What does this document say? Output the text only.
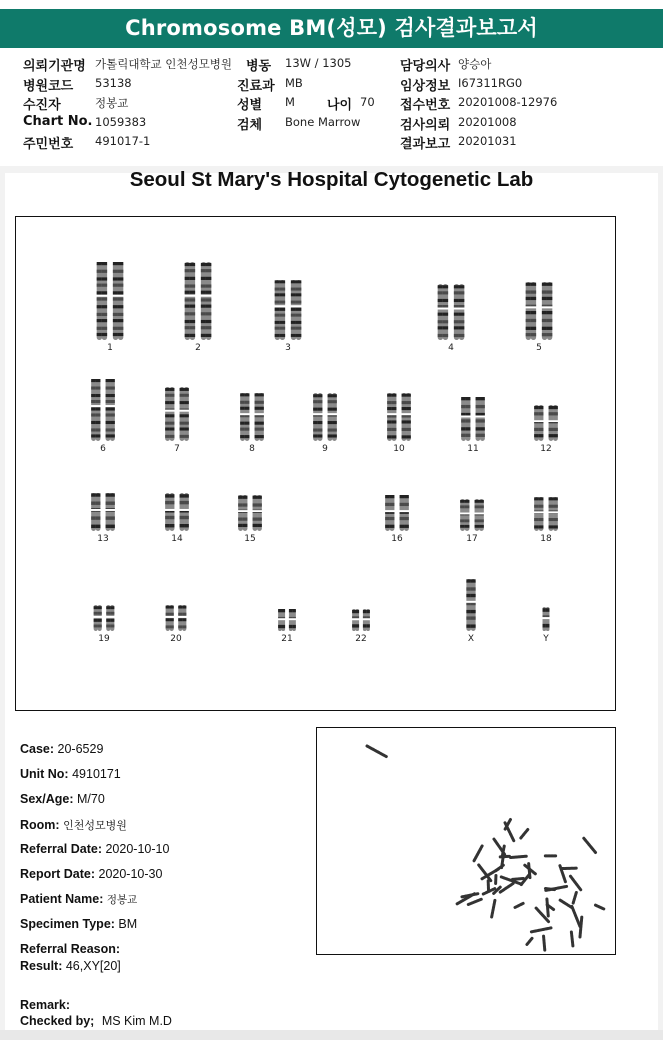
Chromosome BM(성모) 검사결과보고서
의뢰기관명 가톨릭대학교 인천성모병원 병동 13W / 1305	담당의사 양승아
병원코드 53138	진료과 MB	임상정보 I67311RG0
수진자	정봉교	성별 M 나이 70 접수번호 20201008-12976
Chart No. 1059383	검체 Bone Marrow	검사의뢰 20201008
주민번호 491017-1	결과보고 20201031
Seoul St Mary's Hospital Cytogenetic Lab
1	2	3	4	5
6	7	8	9	10	11	12
13	14	15	16	17	18
19	20	21	22	X	Y
Case: 20-6529
Unit No: 4910171
Sex/Age: M/70
Room: 인천성모병원
Referral Date: 2020-10-10
Report Date: 2020-10-30
Patient Name: 정봉교
Specimen Type: BM
Referral Reason:
Result: 46,XY[20]
Remark:
Checked by; MS Kim M.D
